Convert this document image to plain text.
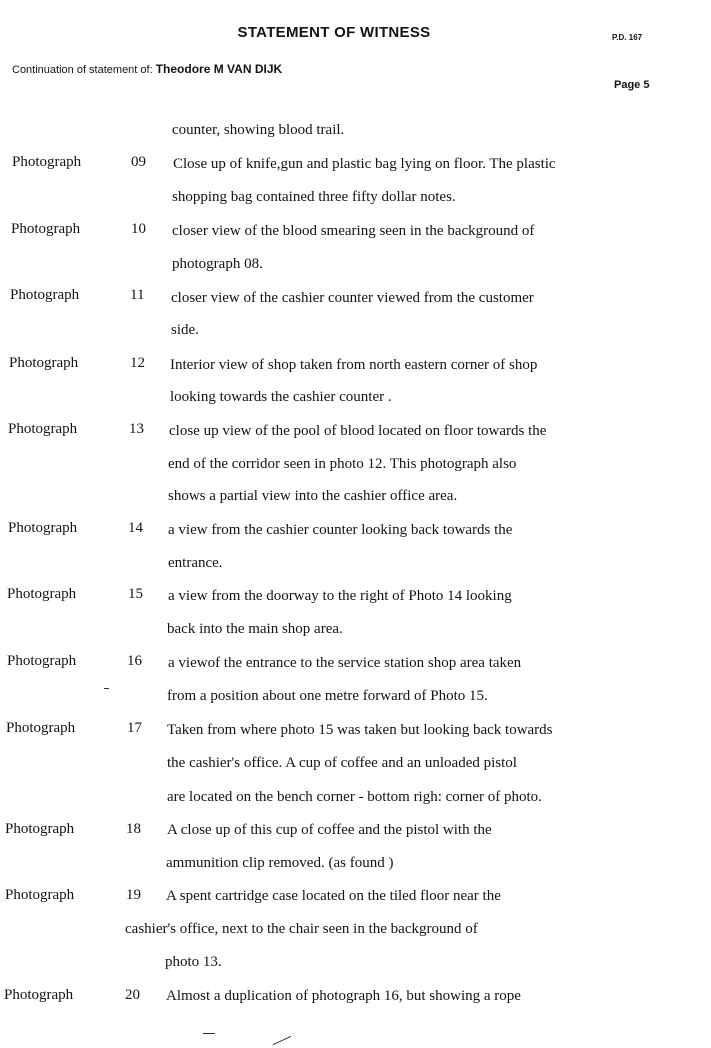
STATEMENT OF WITNESS	P.D. 167
Continuation of statement of: Theodore M VAN DIJK
Page 5
counter, showing blood trail.
Photograph	09 Close up of knife,gun and plastic bag lying on floor. The plastic
shopping bag contained three fifty dollar notes.
Photograph	10 closer view of the blood smearing seen in the background of
photograph 08.
Photograph	11 closer view of the cashier counter viewed from the customer
side.
Photograph	12 Interior view of shop taken from north eastern corner of shop
looking towards the cashier counter .
Photograph	13 close up view of the pool of blood located on floor towards the
end of the corridor seen in photo 12. This photograph also
shows a partial view into the cashier office area.
Photograph	14 a view from the cashier counter looking back towards the
entrance.
Photograph	15 a view from the doorway to the right of Photo 14 looking
back into the main shop area.
Photograph	16 a viewof the entrance to the service station shop area taken
from a position about one metre forward of Photo 15.
Photograph	17 Taken from where photo 15 was taken but looking back towards
the cashier's office. A cup of coffee and an unloaded pistol
are located on the bench corner - bottom righ: corner of photo.
Photograph	18 A close up of this cup of coffee and the pistol with the
ammunition clip removed. (as found )
Photograph	19 A spent cartridge case located on the tiled floor near the
cashier's office, next to the chair seen in the background of
photo 13.
Photograph	20 Almost a duplication of photograph 16, but showing a rope
